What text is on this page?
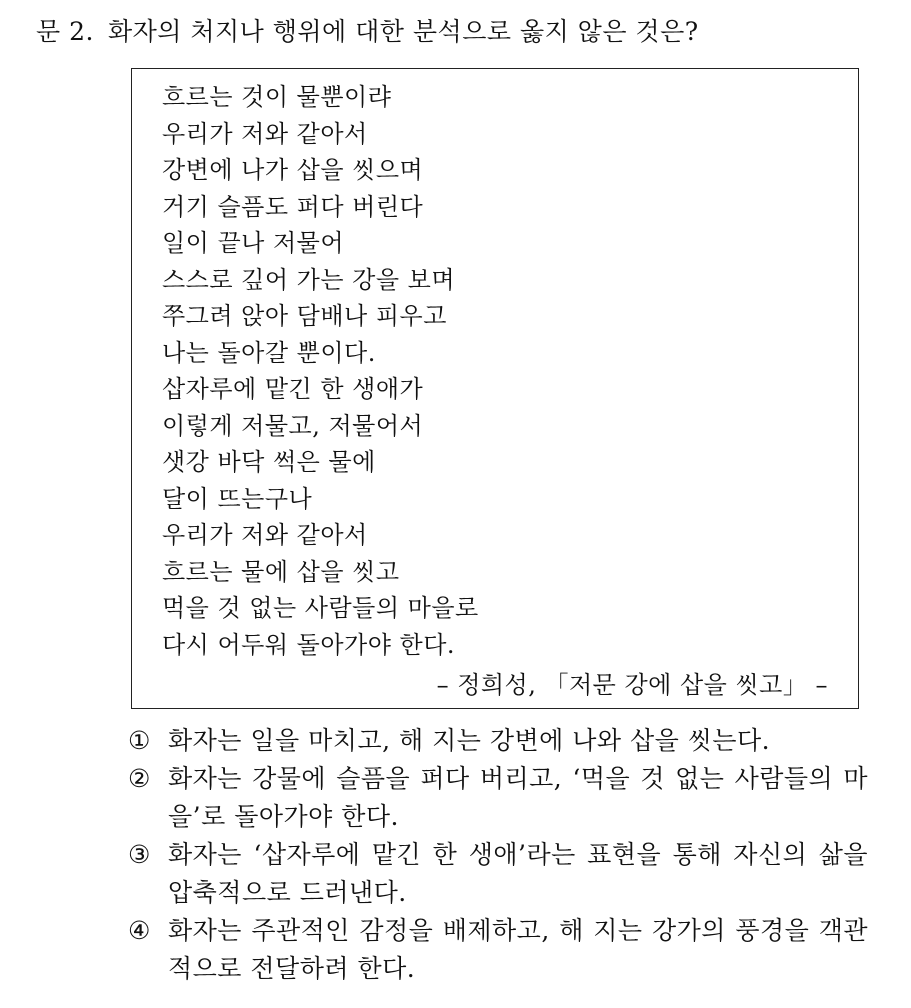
문 2. 화자의 처지나 행위에 대한 분석으로 옳지 않은 것은?
흐르는 것이 물뿐이랴
우리가 저와 같아서
강변에 나가 삽을 씻으며
거기 슬픔도 퍼다 버린다
일이 끝나 저물어
스스로 깊어 가는 강을 보며
쭈그려 앉아 담배나 피우고
나는 돌아갈 뿐이다.
삽자루에 맡긴 한 생애가
이렇게 저물고, 저물어서
샛강 바닥 썩은 물에
달이 뜨는구나
우리가 저와 같아서
흐르는 물에 삽을 씻고
먹을 것 없는 사람들의 마을로
다시 어두워 돌아가야 한다.
– 정희성, 「저문 강에 삽을 씻고」 –
① 화자는 일을 마치고, 해 지는 강변에 나와 삽을 씻는다.
② 화자는 강물에 슬픔을 퍼다 버리고, ‘먹을 것 없는 사람들의 마을’로 돌아가야 한다.
③ 화자는 ‘삽자루에 맡긴 한 생애’라는 표현을 통해 자신의 삶을 압축적으로 드러낸다.
④ 화자는 주관적인 감정을 배제하고, 해 지는 강가의 풍경을 객관적으로 전달하려 한다.
